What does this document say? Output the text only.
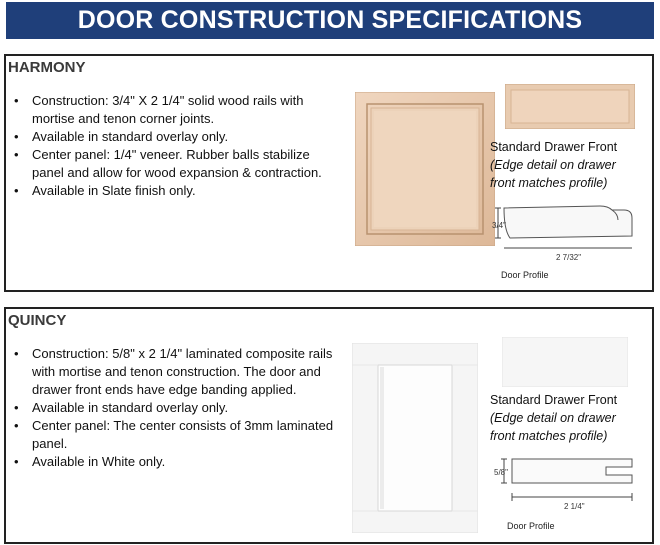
DOOR CONSTRUCTION SPECIFICATIONS
HARMONY
• Construction: 3/4" X 2 1/4" solid wood rails with mortise and tenon corner joints.
• Available in standard overlay only.
• Center panel: 1/4" veneer. Rubber balls stabilize panel and allow for wood expansion & contraction.
• Available in Slate finish only.
Standard Drawer Front
(Edge detail on drawer front matches profile)
3/4"
2 7/32"
Door Profile
QUINCY
• Construction: 5/8" x 2 1/4" laminated composite rails with mortise and tenon construction. The door and drawer front ends have edge banding applied.
• Available in standard overlay only.
• Center panel: The center consists of 3mm laminated panel.
• Available in White only.
Standard Drawer Front
(Edge detail on drawer front matches profile)
5/8"
2 1/4"
Door Profile
